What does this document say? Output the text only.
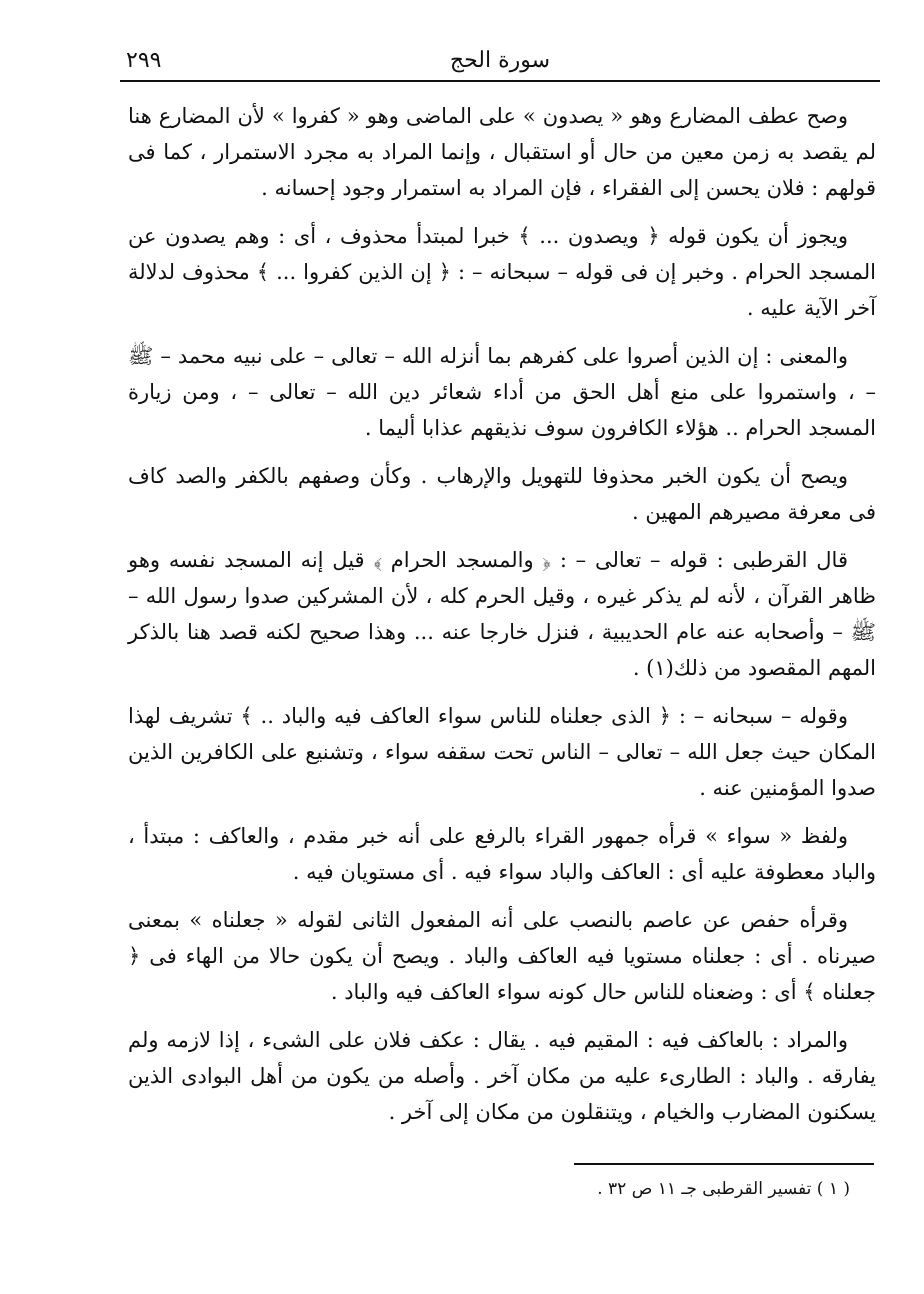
سورة الحج
٢٩٩

وصح عطف المضارع وهو « يصدون » على الماضى وهو « كفروا » لأن المضارع هنا لم يقصد به زمن معين من حال أو استقبال ، وإنما المراد به مجرد الاستمرار ، كما فى قولهم : فلان يحسن إلى الفقراء ، فإن المراد به استمرار وجود إحسانه .

ويجوز أن يكون قوله ﴿ ويصدون ... ﴾ خبرا لمبتدأ محذوف ، أى : وهم يصدون عن المسجد الحرام . وخبر إن فى قوله – سبحانه – : ﴿ إن الذين كفروا ... ﴾ محذوف لدلالة آخر الآية عليه .

والمعنى : إن الذين أصروا على كفرهم بما أنزله الله – تعالى – على نبيه محمد – ﷺ – ، واستمروا على منع أهل الحق من أداء شعائر دين الله – تعالى – ، ومن زيارة المسجد الحرام .. هؤلاء الكافرون سوف نذيقهم عذابا أليما .

ويصح أن يكون الخبر محذوفا للتهويل والإرهاب . وكأن وصفهم بالكفر والصد كاف فى معرفة مصيرهم المهين .

قال القرطبى : قوله – تعالى – : ﴿ والمسجد الحرام ﴾ قيل إنه المسجد نفسه وهو ظاهر القرآن ، لأنه لم يذكر غيره ، وقيل الحرم كله ، لأن المشركين صدوا رسول الله – ﷺ – وأصحابه عنه عام الحديبية ، فنزل خارجا عنه ... وهذا صحيح لكنه قصد هنا بالذكر المهم المقصود من ذلك(١) .

وقوله – سبحانه – : ﴿ الذى جعلناه للناس سواء العاكف فيه والباد .. ﴾ تشريف لهذا المكان حيث جعل الله – تعالى – الناس تحت سقفه سواء ، وتشنيع على الكافرين الذين صدوا المؤمنين عنه .

ولفظ « سواء » قرأه جمهور القراء بالرفع على أنه خبر مقدم ، والعاكف : مبتدأ ، والباد معطوفة عليه أى : العاكف والباد سواء فيه . أى مستويان فيه .

وقرأه حفص عن عاصم بالنصب على أنه المفعول الثانى لقوله « جعلناه » بمعنى صيرناه . أى : جعلناه مستويا فيه العاكف والباد . ويصح أن يكون حالا من الهاء فى ﴿ جعلناه ﴾ أى : وضعناه للناس حال كونه سواء العاكف فيه والباد .

والمراد : بالعاكف فيه : المقيم فيه . يقال : عكف فلان على الشىء ، إذا لازمه ولم يفارقه . والباد : الطارىء عليه من مكان آخر . وأصله من يكون من أهل البوادى الذين يسكنون المضارب والخيام ، ويتنقلون من مكان إلى آخر .

( ١ ) تفسير القرطبى جـ ١١ ص ٣٢ .
